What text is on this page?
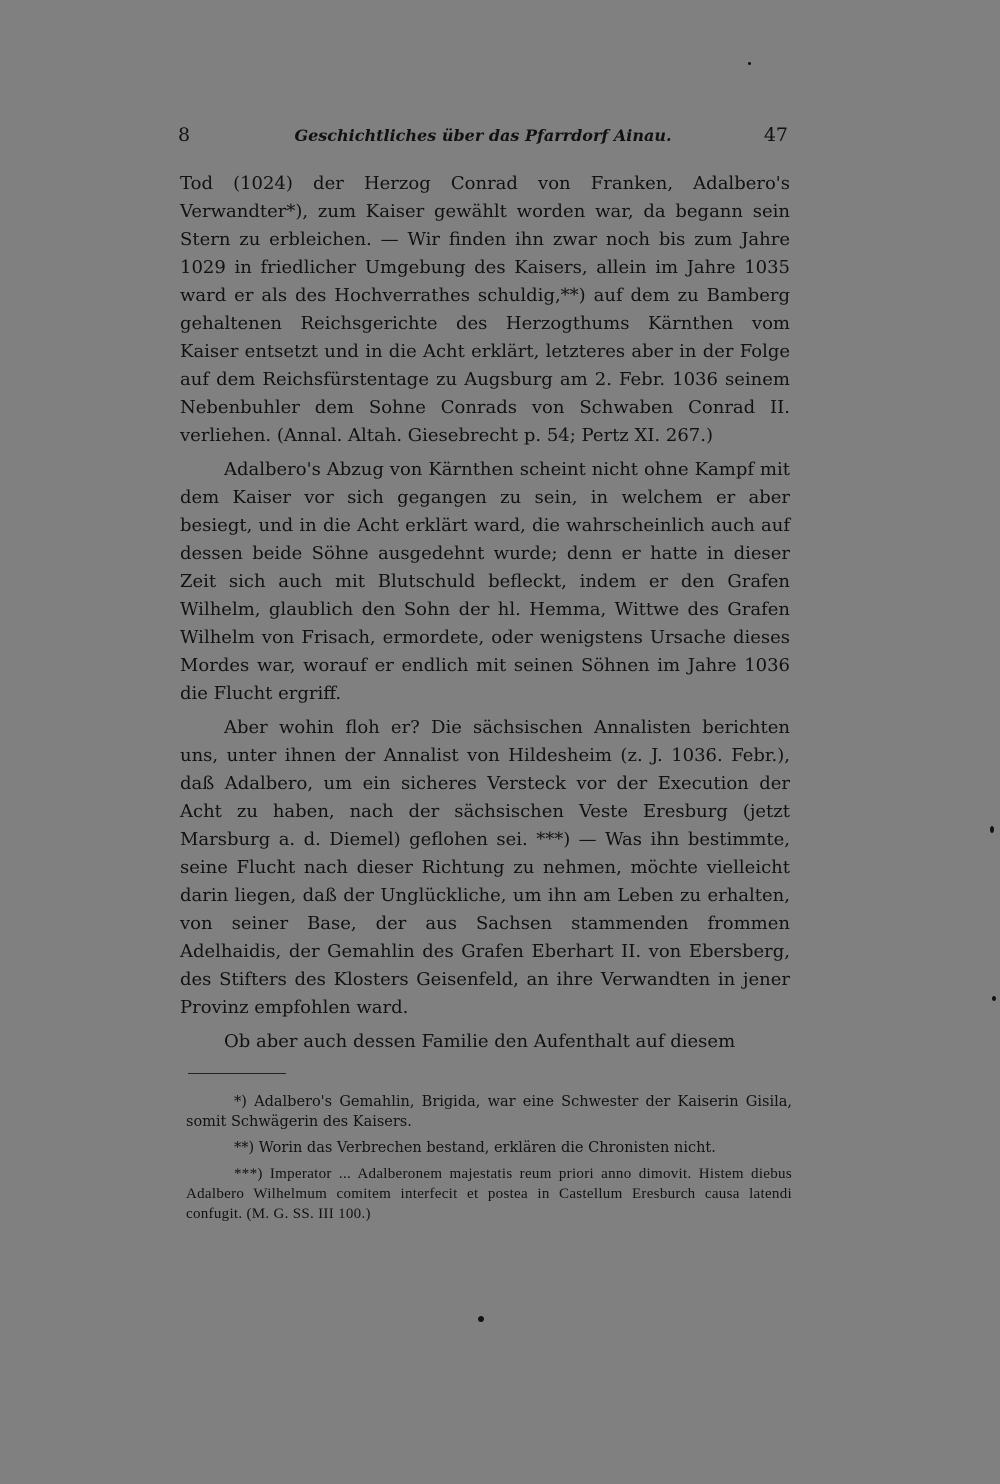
8	Geschichtliches über das Pfarrdorf Ainau.	47

Tod (1024) der Herzog Conrad von Franken, Adalbero's Verwandter*), zum Kaiser gewählt worden war, da begann sein Stern zu erbleichen. — Wir finden ihn zwar noch bis zum Jahre 1029 in friedlicher Umgebung des Kaisers, allein im Jahre 1035 ward er als des Hochverrathes schuldig,**) auf dem zu Bamberg gehaltenen Reichsgerichte des Herzogthums Kärnthen vom Kaiser entsetzt und in die Acht erklärt, letzteres aber in der Folge auf dem Reichsfürstentage zu Augsburg am 2. Febr. 1036 seinem Nebenbuhler dem Sohne Conrads von Schwaben Conrad II. verliehen. (Annal. Altah. Giesebrecht p. 54; Pertz XI. 267.)

Adalbero's Abzug von Kärnthen scheint nicht ohne Kampf mit dem Kaiser vor sich gegangen zu sein, in welchem er aber besiegt, und in die Acht erklärt ward, die wahrscheinlich auch auf dessen beide Söhne ausgedehnt wurde; denn er hatte in dieser Zeit sich auch mit Blutschuld befleckt, indem er den Grafen Wilhelm, glaublich den Sohn der hl. Hemma, Wittwe des Grafen Wilhelm von Frisach, ermordete, oder wenigstens Ursache dieses Mordes war, worauf er endlich mit seinen Söhnen im Jahre 1036 die Flucht ergriff.

Aber wohin floh er? Die sächsischen Annalisten berichten uns, unter ihnen der Annalist von Hildesheim (z. J. 1036. Febr.), daß Adalbero, um ein sicheres Versteck vor der Execution der Acht zu haben, nach der sächsischen Veste Eresburg (jetzt Marsburg a. d. Diemel) geflohen sei. ***) — Was ihn bestimmte, seine Flucht nach dieser Richtung zu nehmen, möchte vielleicht darin liegen, daß der Unglückliche, um ihn am Leben zu erhalten, von seiner Base, der aus Sachsen stammenden frommen Adelhaidis, der Gemahlin des Grafen Eberhart II. von Ebersberg, des Stifters des Klosters Geisenfeld, an ihre Verwandten in jener Provinz empfohlen ward.

Ob aber auch dessen Familie den Aufenthalt auf diesem

*) Adalbero's Gemahlin, Brigida, war eine Schwester der Kaiserin Gisila, somit Schwägerin des Kaisers.

**) Worin das Verbrechen bestand, erklären die Chronisten nicht.

***) Imperator ... Adalberonem majestatis reum priori anno dimovit. Histem diebus Adalbero Wilhelmum comitem interfecit et postea in Castellum Eresburch causa latendi confugit. (M. G. SS. III 100.)
